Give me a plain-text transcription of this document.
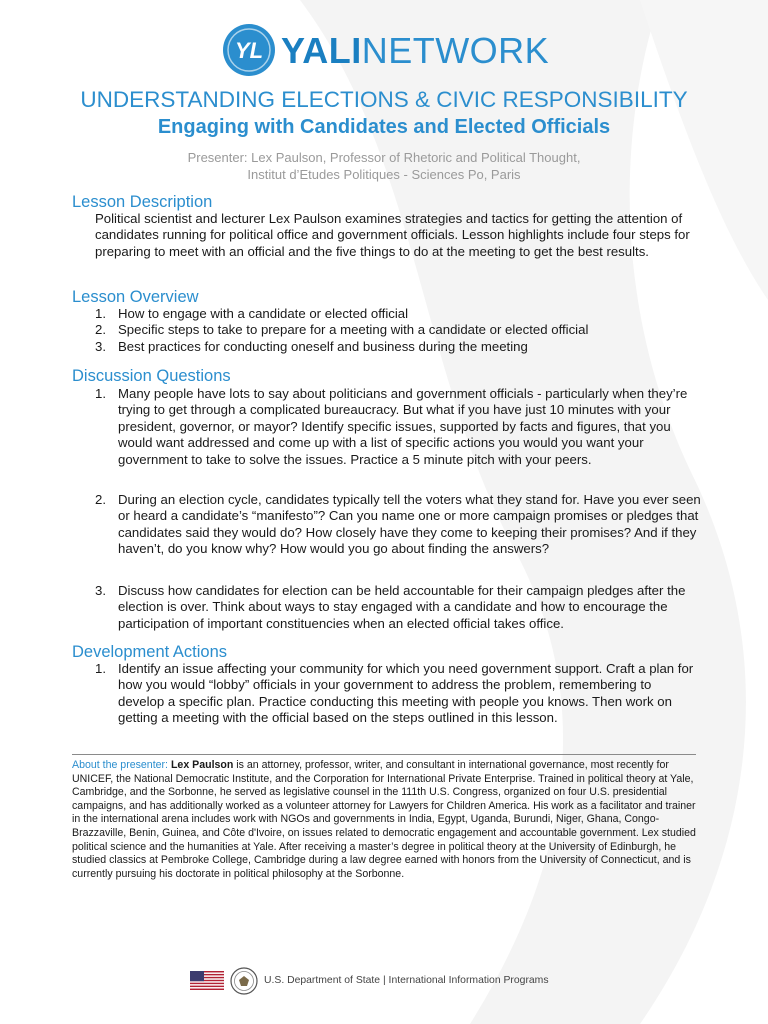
YL YALINETWORK
UNDERSTANDING ELECTIONS & CIVIC RESPONSIBILITY
Engaging with Candidates and Elected Officials
Presenter: Lex Paulson, Professor of Rhetoric and Political Thought,
Institut d’Etudes Politiques - Sciences Po, Paris
Lesson Description
Political scientist and lecturer Lex Paulson examines strategies and tactics for getting the attention of candidates running for political office and government officials. Lesson highlights include four steps for preparing to meet with an official and the five things to do at the meeting to get the best results.
Lesson Overview
1. How to engage with a candidate or elected official
2. Specific steps to take to prepare for a meeting with a candidate or elected official
3. Best practices for conducting oneself and business during the meeting
Discussion Questions
1. Many people have lots to say about politicians and government officials - particularly when they’re trying to get through a complicated bureaucracy. But what if you have just 10 minutes with your president, governor, or mayor? Identify specific issues, supported by facts and figures, that you would want addressed and come up with a list of specific actions you would you want your government to take to solve the issues. Practice a 5 minute pitch with your peers.
2. During an election cycle, candidates typically tell the voters what they stand for. Have you ever seen or heard a candidate’s “manifesto”? Can you name one or more campaign promises or pledges that candidates said they would do? How closely have they come to keeping their promises? And if they haven’t, do you know why? How would you go about finding the answers?
3. Discuss how candidates for election can be held accountable for their campaign pledges after the election is over. Think about ways to stay engaged with a candidate and how to encourage the participation of important constituencies when an elected official takes office.
Development Actions
1. Identify an issue affecting your community for which you need government support. Craft a plan for how you would “lobby” officials in your government to address the problem, remembering to develop a specific plan. Practice conducting this meeting with people you knows. Then work on getting a meeting with the official based on the steps outlined in this lesson.
About the presenter: Lex Paulson is an attorney, professor, writer, and consultant in international governance, most recently for UNICEF, the National Democratic Institute, and the Corporation for International Private Enterprise. Trained in political theory at Yale, Cambridge, and the Sorbonne, he served as legislative counsel in the 111th U.S. Congress, organized on four U.S. presidential campaigns, and has additionally worked as a volunteer attorney for Lawyers for Children America. His work as a facilitator and trainer in the international arena includes work with NGOs and governments in India, Egypt, Uganda, Burundi, Niger, Ghana, Congo-Brazzaville, Benin, Guinea, and Côte d'Ivoire, on issues related to democratic engagement and accountable government. Lex studied political science and the humanities at Yale. After receiving a master’s degree in political theory at the University of Edinburgh, he studied classics at Pembroke College, Cambridge during a law degree earned with honors from the University of Connecticut, and is currently pursuing his doctorate in political philosophy at the Sorbonne.
U.S. Department of State | International Information Programs
